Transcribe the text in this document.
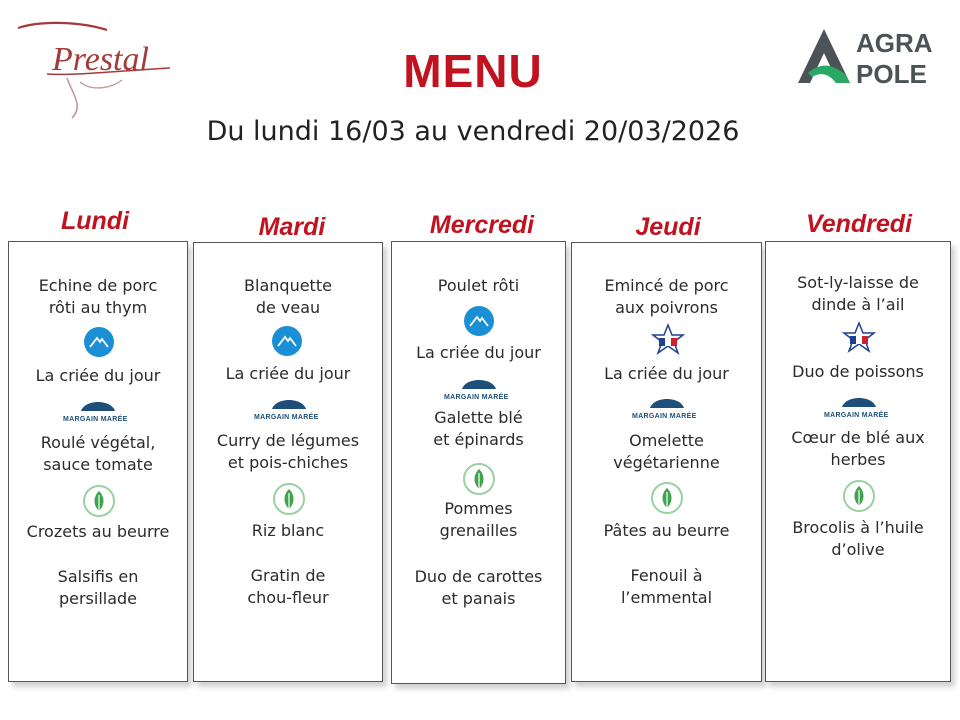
Prestal	AGRA
POLE
MENU
Du lundi 16/03 au vendredi 20/03/2026
Lundi	Mardi	Mercredi	Jeudi	Vendredi
Echine de porc
rôti au thym
La criée du jour
MARGAIN MARÉE
Roulé végétal,
sauce tomate
Crozets au beurre
Salsifis en
persillade
Blanquette
de veau
La criée du jour
MARGAIN MARÉE
Curry de légumes
et pois-chiches
Riz blanc
Gratin de
chou-fleur
Poulet rôti
La criée du jour
MARGAIN MARÉE
Galette blé
et épinards
Pommes
grenailles
Duo de carottes
et panais
Emincé de porc
aux poivrons
La criée du jour
MARGAIN MARÉE
Omelette
végétarienne
Pâtes au beurre
Fenouil à
l’emmental
Sot-ly-laisse de
dinde à l’ail
Duo de poissons
MARGAIN MARÉE
Cœur de blé aux
herbes
Brocolis à l’huile
d’olive
